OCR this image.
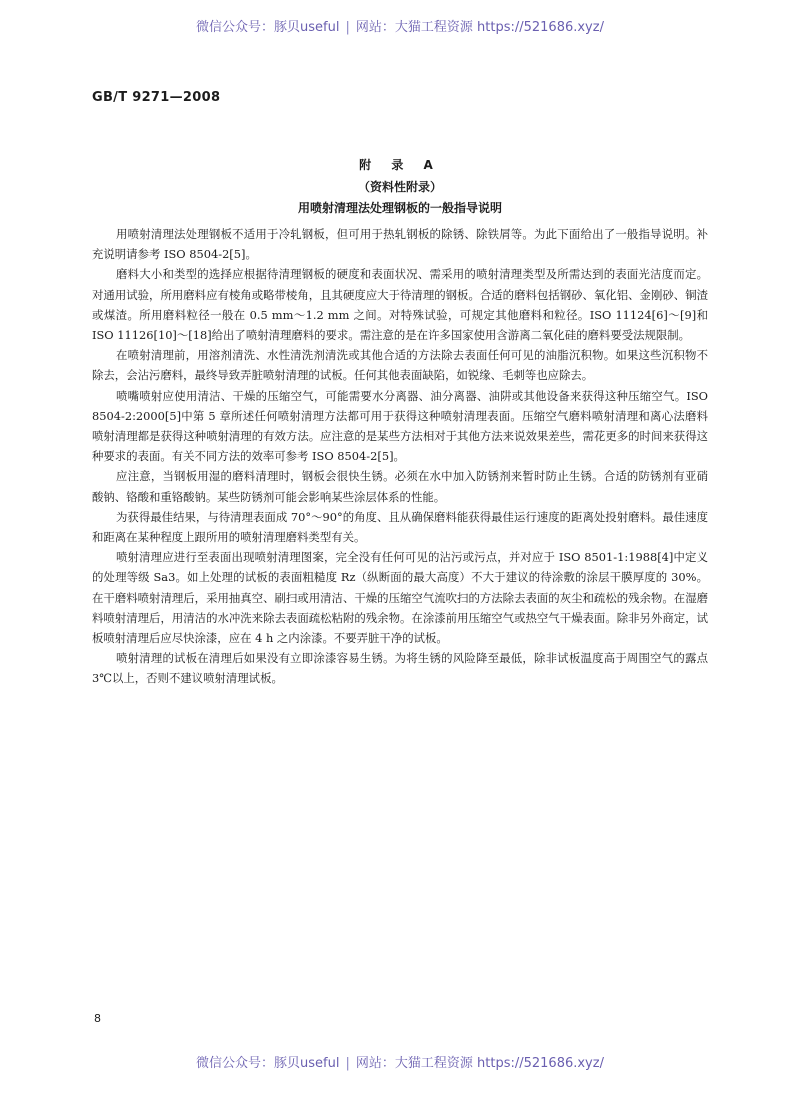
微信公众号：豚贝useful | 网站：大猫工程资源 https://521686.xyz/
GB/T 9271—2008
附 录 A
（资料性附录）
用喷射清理法处理钢板的一般指导说明

用喷射清理法处理钢板不适用于冷轧钢板，但可用于热轧钢板的除锈、除铁屑等。为此下面给出了一般指导说明。补充说明请参考 ISO 8504-2[5]。

磨料大小和类型的选择应根据待清理钢板的硬度和表面状况、需采用的喷射清理类型及所需达到的表面光洁度而定。对通用试验，所用磨料应有棱角或略带棱角，且其硬度应大于待清理的钢板。合适的磨料包括钢砂、氧化铝、金刚砂、铜渣或煤渣。所用磨料粒径一般在 0.5 mm～1.2 mm 之间。对特殊试验，可规定其他磨料和粒径。ISO 11124[6]～[9]和 ISO 11126[10]～[18]给出了喷射清理磨料的要求。需注意的是在许多国家使用含游离二氧化硅的磨料要受法规限制。

在喷射清理前，用溶剂清洗、水性清洗剂清洗或其他合适的方法除去表面任何可见的油脂沉积物。如果这些沉积物不除去，会沾污磨料，最终导致弄脏喷射清理的试板。任何其他表面缺陷，如锐缘、毛刺等也应除去。

喷嘴喷射应使用清洁、干燥的压缩空气，可能需要水分离器、油分离器、油阱或其他设备来获得这种压缩空气。ISO 8504-2:2000[5]中第 5 章所述任何喷射清理方法都可用于获得这种喷射清理表面。压缩空气磨料喷射清理和离心法磨料喷射清理都是获得这种喷射清理的有效方法。应注意的是某些方法相对于其他方法来说效果差些，需花更多的时间来获得这种要求的表面。有关不同方法的效率可参考 ISO 8504-2[5]。

应注意，当钢板用湿的磨料清理时，钢板会很快生锈。必须在水中加入防锈剂来暂时防止生锈。合适的防锈剂有亚硝酸钠、铬酸和重铬酸钠。某些防锈剂可能会影响某些涂层体系的性能。

为获得最佳结果，与待清理表面成 70°～90°的角度、且从确保磨料能获得最佳运行速度的距离处投射磨料。最佳速度和距离在某种程度上跟所用的喷射清理磨料类型有关。

喷射清理应进行至表面出现喷射清理图案，完全没有任何可见的沾污或污点，并对应于 ISO 8501-1:1988[4]中定义的处理等级 Sa3。如上处理的试板的表面粗糙度 Rz（纵断面的最大高度）不大于建议的待涂敷的涂层干膜厚度的 30%。在干磨料喷射清理后，采用抽真空、刷扫或用清洁、干燥的压缩空气流吹扫的方法除去表面的灰尘和疏松的残余物。在湿磨料喷射清理后，用清洁的水冲洗来除去表面疏松粘附的残余物。在涂漆前用压缩空气或热空气干燥表面。除非另外商定，试板喷射清理后应尽快涂漆，应在 4 h 之内涂漆。不要弄脏干净的试板。

喷射清理的试板在清理后如果没有立即涂漆容易生锈。为将生锈的风险降至最低，除非试板温度高于周围空气的露点 3℃以上，否则不建议喷射清理试板。

8
微信公众号：豚贝useful | 网站：大猫工程资源 https://521686.xyz/
